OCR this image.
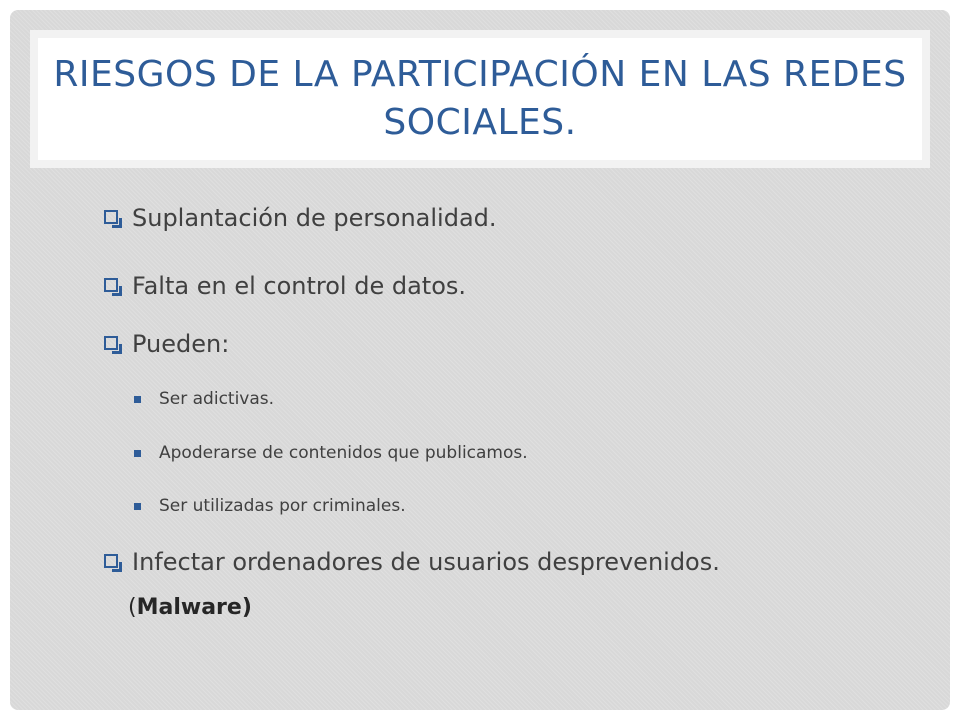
RIESGOS DE LA PARTICIPACIÓN EN LAS REDES SOCIALES.
Suplantación de personalidad.
Falta en el control de datos.
Pueden:
Ser adictivas.
Apoderarse de contenidos que publicamos.
Ser utilizadas por criminales.
Infectar ordenadores de usuarios desprevenidos.
(Malware)
